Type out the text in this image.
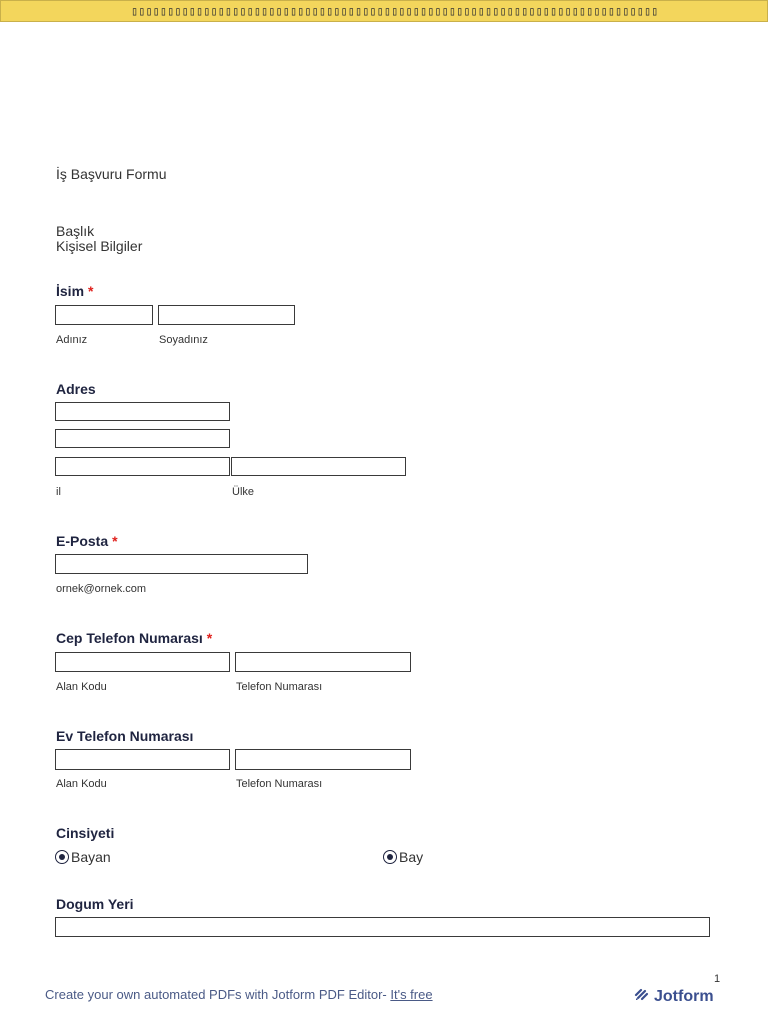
▯▯▯▯▯▯▯▯▯▯▯▯▯▯▯▯▯▯▯▯▯▯▯▯▯▯▯▯▯▯▯▯▯▯▯▯▯▯▯▯▯▯▯▯▯▯▯▯▯▯▯▯▯▯▯▯▯▯▯▯▯▯▯▯▯▯▯▯▯▯▯▯▯
İş Başvuru Formu
Başlık
Kişisel Bilgiler
İsim *
Adınız	Soyadınız
Adres
il	Ülke
E-Posta *
ornek@ornek.com
Cep Telefon Numarası *
Alan Kodu	Telefon Numarası
Ev Telefon Numarası
Alan Kodu	Telefon Numarası
Cinsiyeti
Bayan	Bay
Dogum Yeri
1
Create your own automated PDFs with Jotform PDF Editor- It's free	Jotform
